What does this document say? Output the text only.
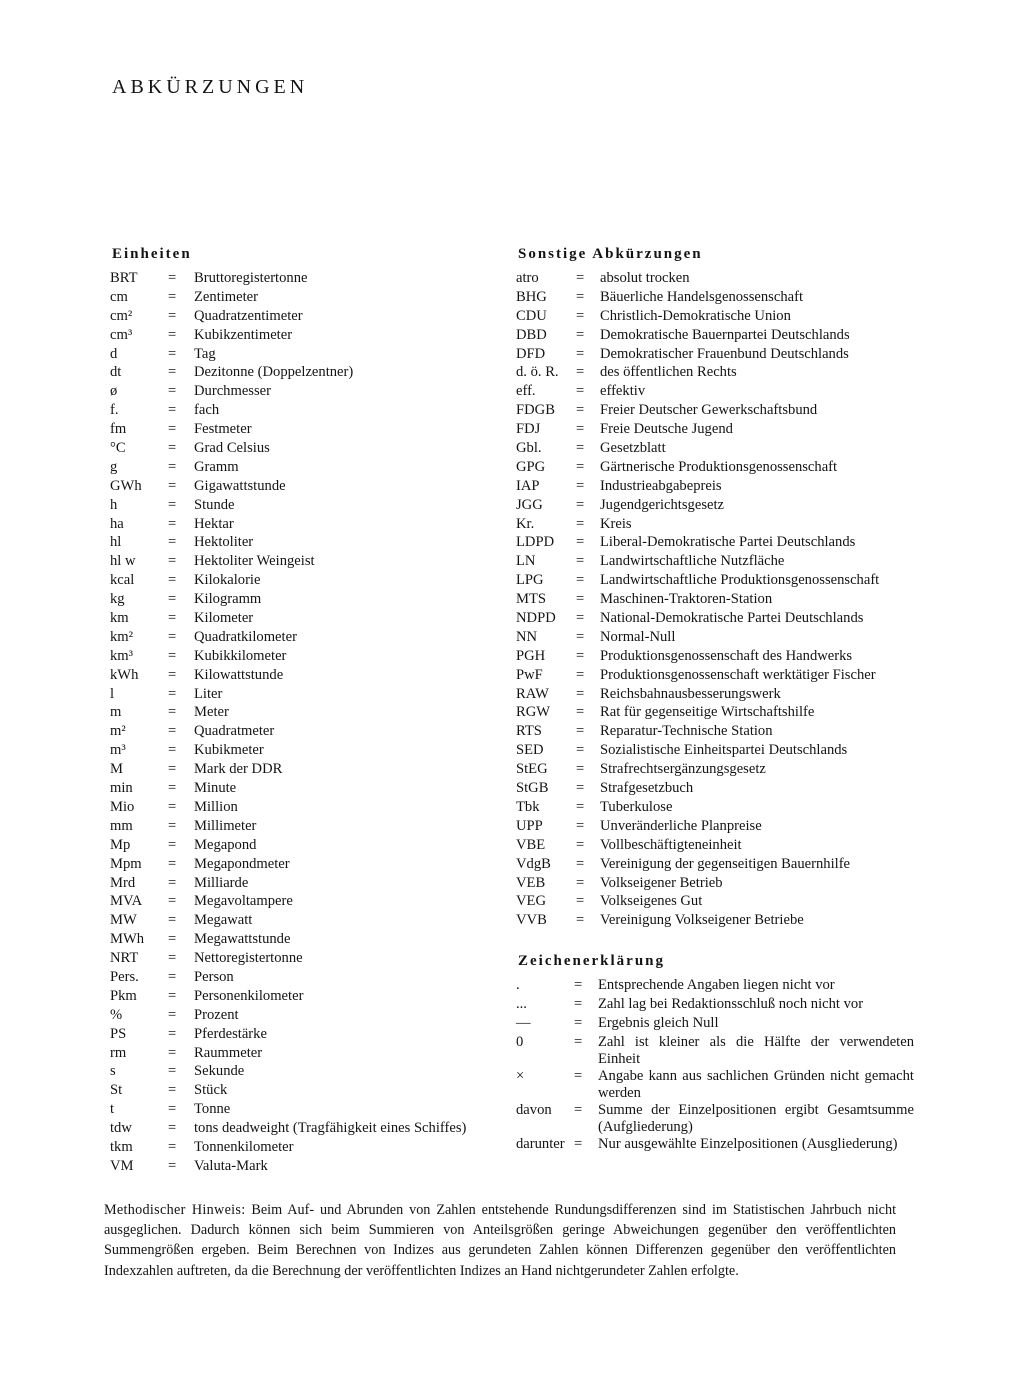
ABKÜRZUNGEN
Einheiten
BRT	=	Bruttoregistertonne
cm	=	Zentimeter
cm²	=	Quadratzentimeter
cm³	=	Kubikzentimeter
d	=	Tag
dt	=	Dezitonne (Doppelzentner)
ø	=	Durchmesser
f.	=	fach
fm	=	Festmeter
°C	=	Grad Celsius
g	=	Gramm
GWh	=	Gigawattstunde
h	=	Stunde
ha	=	Hektar
hl	=	Hektoliter
hl w	=	Hektoliter Weingeist
kcal	=	Kilokalorie
kg	=	Kilogramm
km	=	Kilometer
km²	=	Quadratkilometer
km³	=	Kubikkilometer
kWh	=	Kilowattstunde
l	=	Liter
m	=	Meter
m²	=	Quadratmeter
m³	=	Kubikmeter
M	=	Mark der DDR
min	=	Minute
Mio	=	Million
mm	=	Millimeter
Mp	=	Megapond
Mpm	=	Megapondmeter
Mrd	=	Milliarde
MVA	=	Megavoltampere
MW	=	Megawatt
MWh	=	Megawattstunde
NRT	=	Nettoregistertonne
Pers.	=	Person
Pkm	=	Personenkilometer
%	=	Prozent
PS	=	Pferdestärke
rm	=	Raummeter
s	=	Sekunde
St	=	Stück
t	=	Tonne
tdw	=	tons deadweight (Tragfähigkeit eines Schiffes)
tkm	=	Tonnenkilometer
VM	=	Valuta-Mark
Sonstige Abkürzungen
atro	=	absolut trocken
BHG	=	Bäuerliche Handelsgenossenschaft
CDU	=	Christlich-Demokratische Union
DBD	=	Demokratische Bauernpartei Deutschlands
DFD	=	Demokratischer Frauenbund Deutschlands
d. ö. R.	=	des öffentlichen Rechts
eff.	=	effektiv
FDGB	=	Freier Deutscher Gewerkschaftsbund
FDJ	=	Freie Deutsche Jugend
Gbl.	=	Gesetzblatt
GPG	=	Gärtnerische Produktionsgenossenschaft
IAP	=	Industrieabgabepreis
JGG	=	Jugendgerichtsgesetz
Kr.	=	Kreis
LDPD	=	Liberal-Demokratische Partei Deutschlands
LN	=	Landwirtschaftliche Nutzfläche
LPG	=	Landwirtschaftliche Produktionsgenossenschaft
MTS	=	Maschinen-Traktoren-Station
NDPD	=	National-Demokratische Partei Deutschlands
NN	=	Normal-Null
PGH	=	Produktionsgenossenschaft des Handwerks
PwF	=	Produktionsgenossenschaft werktätiger Fischer
RAW	=	Reichsbahnausbesserungswerk
RGW	=	Rat für gegenseitige Wirtschaftshilfe
RTS	=	Reparatur-Technische Station
SED	=	Sozialistische Einheitspartei Deutschlands
StEG	=	Strafrechtsergänzungsgesetz
StGB	=	Strafgesetzbuch
Tbk	=	Tuberkulose
UPP	=	Unveränderliche Planpreise
VBE	=	Vollbeschäftigteneinheit
VdgB	=	Vereinigung der gegenseitigen Bauernhilfe
VEB	=	Volkseigener Betrieb
VEG	=	Volkseigenes Gut
VVB	=	Vereinigung Volkseigener Betriebe
Zeichenerklärung
.	=	Entsprechende Angaben liegen nicht vor
...	=	Zahl lag bei Redaktionsschluß noch nicht vor
—	=	Ergebnis gleich Null
0	=	Zahl ist kleiner als die Hälfte der verwendeten Einheit
×	=	Angabe kann aus sachlichen Gründen nicht gemacht werden
davon	=	Summe der Einzelpositionen ergibt Gesamtsumme (Aufgliederung)
darunter =	Nur ausgewählte Einzelpositionen (Ausgliederung)
Methodischer Hinweis: Beim Auf- und Abrunden von Zahlen entstehende Rundungsdifferenzen sind im Statistischen Jahrbuch nicht ausgeglichen. Dadurch können sich beim Summieren von Anteilsgrößen geringe Abweichungen gegenüber den veröffentlichten Summengrößen ergeben. Beim Berechnen von Indizes aus gerundeten Zahlen können Differenzen gegenüber den veröffentlichten Indexzahlen auftreten, da die Berechnung der veröffentlichten Indizes an Hand nichtgerundeter Zahlen erfolgte.
